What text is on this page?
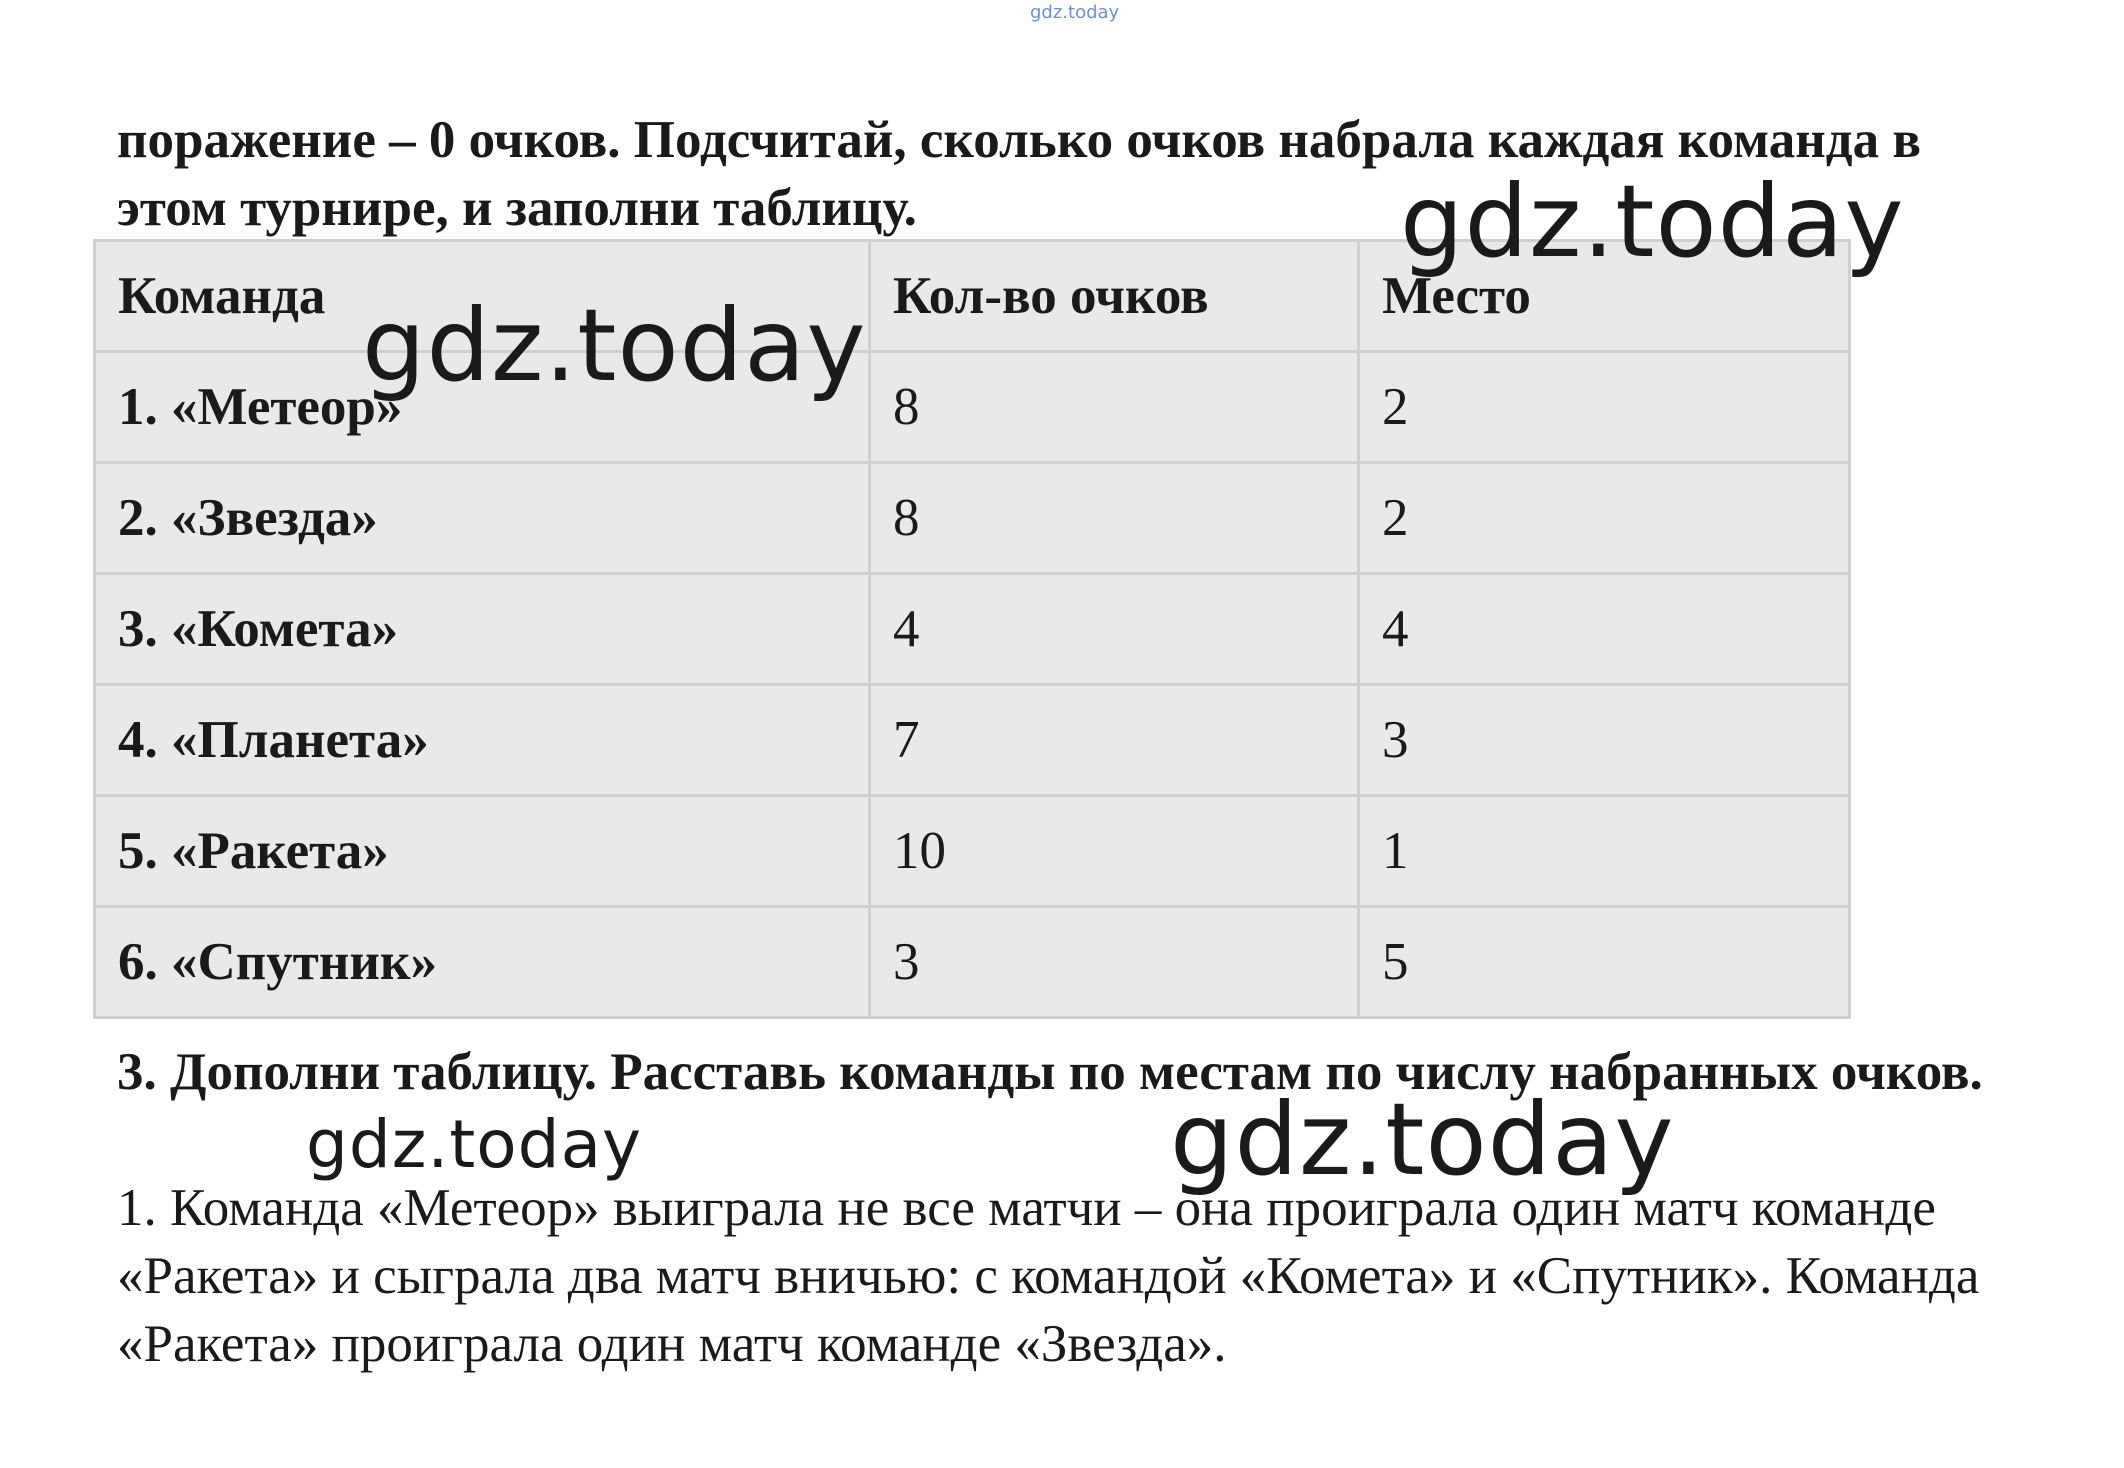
gdz.today

поражение – 0 очков. Подсчитай, сколько очков набрала каждая команда в этом турнире, и заполни таблицу.

Команда	Кол-во очков	Место
1. «Метеор»	8	2
2. «Звезда»	8	2
3. «Комета»	4	4
4. «Планета»	7	3
5. «Ракета»	10	1
6. «Спутник»	3	5

3. Дополни таблицу. Расставь команды по местам по числу набранных очков.

1. Команда «Метеор» выиграла не все матчи – она проиграла один матч команде «Ракета» и сыграла два матч вничью: с командой «Комета» и «Спутник». Команда «Ракета» проиграла один матч команде «Звезда».

gdz.today
gdz.today
gdz.today	gdz.today
